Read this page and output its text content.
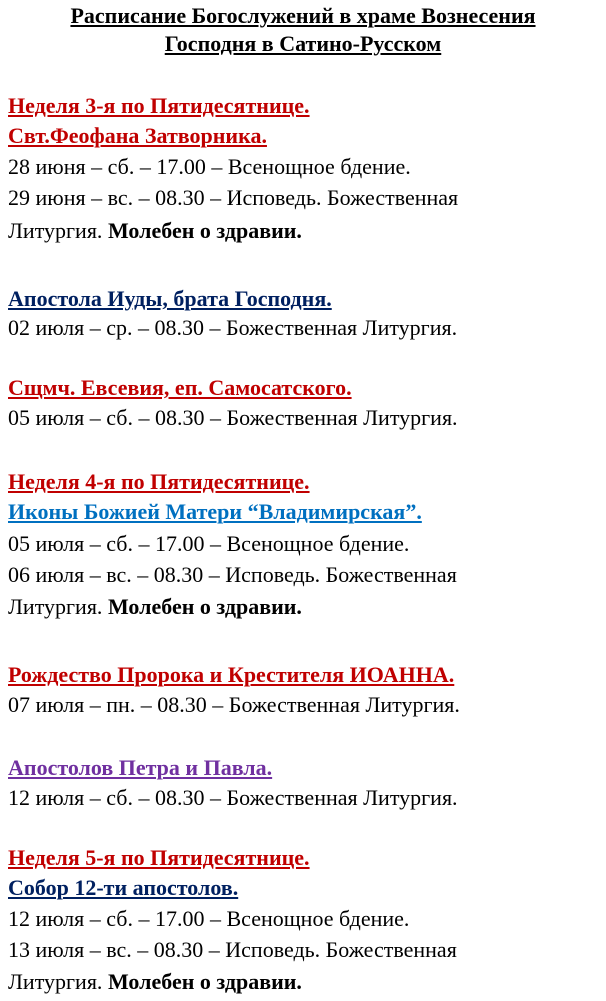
Расписание Богослужений в храме Вознесения
Господня в Сатино-Русском
Неделя 3-я по Пятидесятнице.
Свт.Феофана Затворника.
28 июня – сб. – 17.00 – Всенощное бдение.
29 июня – вс. – 08.30 – Исповедь. Божественная
Литургия. Молебен о здравии.
Апостола Иуды, брата Господня.
02 июля – ср. – 08.30 – Божественная Литургия.
Сщмч. Евсевия, еп. Самосатского.
05 июля – сб. – 08.30 – Божественная Литургия.
Неделя 4-я по Пятидесятнице.
Иконы Божией Матери “Владимирская”.
05 июля – сб. – 17.00 – Всенощное бдение.
06 июля – вс. – 08.30 – Исповедь. Божественная
Литургия. Молебен о здравии.
Рождество Пророка и Крестителя ИОАННА.
07 июля – пн. – 08.30 – Божественная Литургия.
Апостолов Петра и Павла.
12 июля – сб. – 08.30 – Божественная Литургия.
Неделя 5-я по Пятидесятнице.
Собор 12-ти апостолов.
12 июля – сб. – 17.00 – Всенощное бдение.
13 июля – вс. – 08.30 – Исповедь. Божественная
Литургия. Молебен о здравии.
